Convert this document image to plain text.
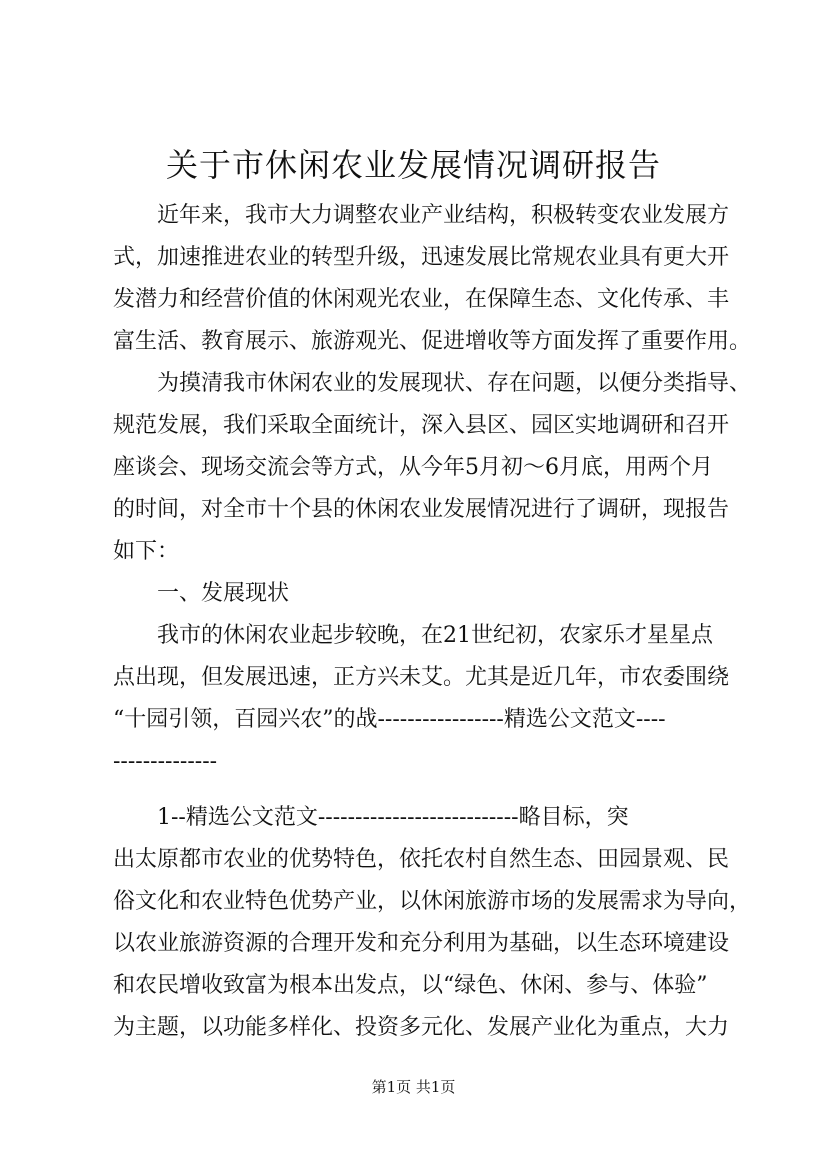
关于市休闲农业发展情况调研报告
近年来，我市大力调整农业产业结构，积极转变农业发展方
式，加速推进农业的转型升级，迅速发展比常规农业具有更大开
发潜力和经营价值的休闲观光农业，在保障生态、文化传承、丰
富生活、教育展示、旅游观光、促进增收等方面发挥了重要作用。
为摸清我市休闲农业的发展现状、存在问题，以便分类指导、
规范发展，我们采取全面统计，深入县区、园区实地调研和召开
座谈会、现场交流会等方式，从今年5月初～6月底，用两个月
的时间，对全市十个县的休闲农业发展情况进行了调研，现报告
如下：
一、发展现状
我市的休闲农业起步较晚，在21世纪初，农家乐才星星点
点出现，但发展迅速，正方兴未艾。尤其是近几年，市农委围绕
“十园引领，百园兴农”的战-----------------精选公文范文----
--------------
1--精选公文范文---------------------------略目标，突
出太原都市农业的优势特色，依托农村自然生态、田园景观、民
俗文化和农业特色优势产业，以休闲旅游市场的发展需求为导向，
以农业旅游资源的合理开发和充分利用为基础，以生态环境建设
和农民增收致富为根本出发点，以“绿色、休闲、参与、体验”
为主题，以功能多样化、投资多元化、发展产业化为重点，大力
第1页 共1页
